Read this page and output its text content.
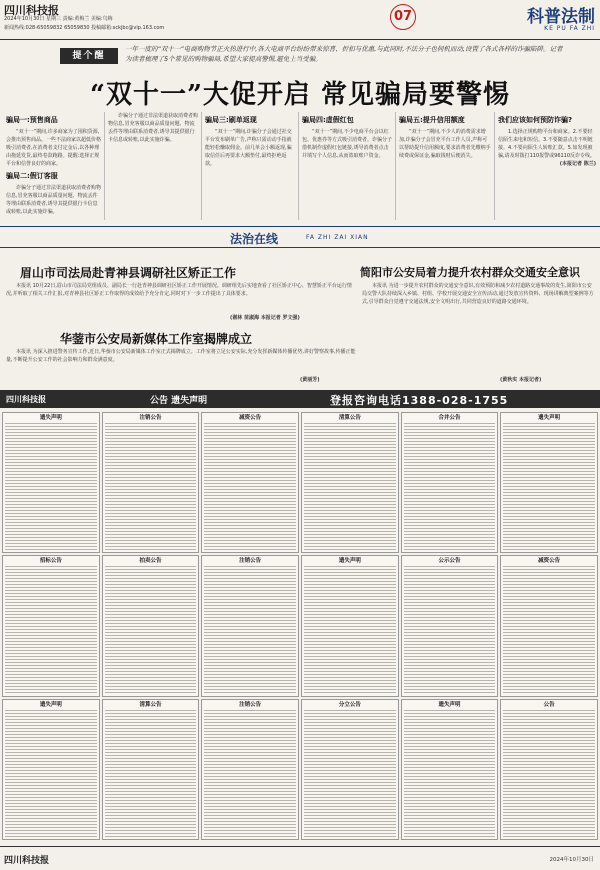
四川科技报
2024年10月30日 星期三 责编:黄梅兰 美编:鸟梅
新闻热线:028-65059832 65059830 投稿邮箱:sckjbc@vip.163.com
07	科普法制
KE PU FA ZHI
提个醒
一年一度的“双十一”电商购物节正火热进行中,各大电商平台纷纷带来惊喜、折扣与优惠,与此同时,不法分子也伺机而动,设置了各式各样的诈骗陷阱。记者为读者梳理了5个常见的购物骗局,希望大家提高警惕,避免上当受骗。
“双十一”大促开启 常见骗局要警惕
骗局一:预售商品

“双十一”期间,许多商家为了囤积货源,会推出预售商品。一些不法商家以超低价格吸引消费者,在消费者支付定金后,以各种理由拖延发货,最终卷款跑路。提醒:选择正规平台和信誉良好的商家。

骗局二:假订客服

诈骗分子通过非法渠道获取消费者购物信息,冒充客服以商品质量问题、物流丢件等理由联系消费者,诱导其提供银行卡信息或转账,以此实施诈骗。

诈骗分子通过非法渠道获取消费者购物信息,冒充客服以商品质量问题、物流丢件等理由联系消费者,诱导其提供银行卡信息或转账,以此实施诈骗。

骗局三:刷单返现

“双十一”期间,诈骗分子会通过社交平台发布刷单广告,声称只需动动手指就能轻松赚取佣金。前几单会小额返现,骗取信任后再要求大额垫付,最终拒绝返款。

骗局四:虚假红包

“双十一”期间,不少电商平台会以红包、优惠券等方式吸引消费者。诈骗分子借机制作虚假红包链接,诱导消费者点击并填写个人信息,从而盗取账户资金。

骗局五:提升信用额度

“双十一”期间,不少人的消费需求增加,诈骗分子会冒充平台工作人员,声称可以帮助提升信用额度,要求消费者先缴纳手续费或保证金,骗取钱财后便消失。

我们应该如何预防诈骗?

1.选择正规购物平台和商家。2.不要轻信陌生来电和短信。3.不要随意点击不明链接。4.不要向陌生人转账汇款。5.如发现被骗,请及时拨打110报警或96110反诈专线。

(本报记者 陈兰)
法治在线	FA ZHI ZAI XIAN
眉山市司法局赴青神县调研社区矫正工作
本报讯 10月22日,眉山市司法局党组成员、副局长一行赴青神县调研社区矫正工作开展情况。调研组先后实地查看了社区矫正中心、智慧矫正平台运行情况,并听取了相关工作汇报,对青神县社区矫正工作取得的成效给予充分肯定,同时对下一步工作提出了具体要求。
(谢林 苗淑海 本报记者 罗文强)
简阳市公安局着力提升农村群众交通安全意识
本报讯 为进一步提升农村群众的交通安全意识,有效预防和减少农村道路交通事故的发生,简阳市公安局交警大队持续深入乡镇、村组、学校开展交通安全宣传活动,通过发放宣传资料、现场讲解典型案例等方式,引导群众自觉遵守交通法规,安全文明出行,共同营造良好的道路交通环境。
(黄秋实 本报记者)
华蓥市公安局新媒体工作室揭牌成立
本报讯 为深入推进警务宣传工作,近日,华蓥市公安局新媒体工作室正式揭牌成立。工作室将立足公安实际,充分发挥新媒体传播优势,讲好警察故事,传播正能量,不断提升公安工作的社会影响力和群众满意度。
(黄丽芳)
四川科技报	公告 遗失声明	登报咨询电话1388-028-1755
遗失声明	注销公告	减资公告	清算公告	合并公告	遗失声明
招标公告	拍卖公告	注销公告	遗失声明	公示公告	减资公告
遗失声明	清算公告	注销公告	分立公告	遗失声明	公告
四川科技报	2024年10月30日
